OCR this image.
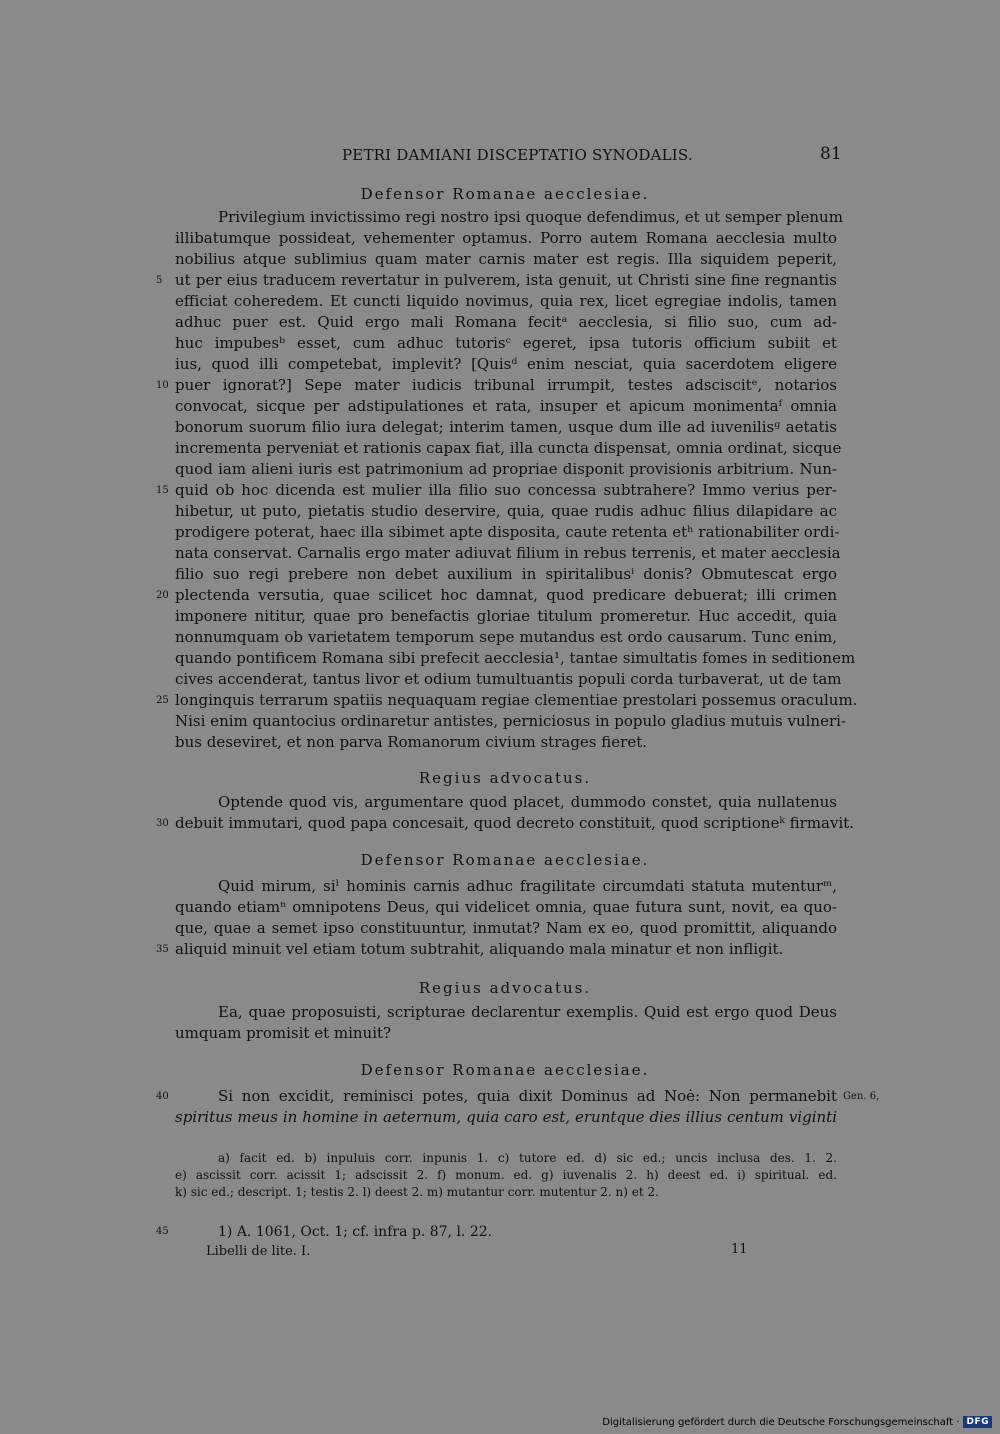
PETRI DAMIANI DISCEPTATIO SYNODALIS.	81
Defensor Romanae aecclesiae.
Privilegium invictissimo regi nostro ipsi quoque defendimus, et ut semper plenum
illibatumque possideat, vehementer optamus. Porro autem Romana aecclesia multo
nobilius atque sublimius quam mater carnis mater est regis. Illa siquidem peperit,
ut per eius traducem revertatur in pulverem, ista genuit, ut Christi sine fine regnantis
efficiat coheredem. Et cuncti liquido novimus, quia rex, licet egregiae indolis, tamen
adhuc puer est. Quid ergo mali Romana fecitᵃ aecclesia, si filio suo, cum ad-
huc impubesᵇ esset, cum adhuc tutorisᶜ egeret, ipsa tutoris officium subiit et
ius, quod illi competebat, implevit? [Quisᵈ enim nesciat, quia sacerdotem eligere
puer ignorat?] Sepe mater iudicis tribunal irrumpit, testes adsciscitᵉ, notarios
convocat, sicque per adstipulationes et rata, insuper et apicum monimentaᶠ omnia
bonorum suorum filio iura delegat; interim tamen, usque dum ille ad iuvenilisᵍ aetatis
incrementa perveniat et rationis capax fiat, illa cuncta dispensat, omnia ordinat, sicque
quod iam alieni iuris est patrimonium ad propriae disponit provisionis arbitrium. Nun-
quid ob hoc dicenda est mulier illa filio suo concessa subtrahere? Immo verius per-
hibetur, ut puto, pietatis studio deservire, quia, quae rudis adhuc filius dilapidare ac
prodigere poterat, haec illa sibimet apte disposita, caute retenta etʰ rationabiliter ordi-
nata conservat. Carnalis ergo mater adiuvat filium in rebus terrenis, et mater aecclesia
filio suo regi prebere non debet auxilium in spiritalibusⁱ donis? Obmutescat ergo
plectenda versutia, quae scilicet hoc damnat, quod predicare debuerat; illi crimen
imponere nititur, quae pro benefactis gloriae titulum promeretur. Huc accedit, quia
nonnumquam ob varietatem temporum sepe mutandus est ordo causarum. Tunc enim,
quando pontificem Romana sibi prefecit aecclesia¹, tantae simultatis fomes in seditionem
cives accenderat, tantus livor et odium tumultuantis populi corda turbaverat, ut de tam
longinquis terrarum spatiis nequaquam regiae clementiae prestolari possemus oraculum.
Nisi enim quantocius ordinaretur antistes, perniciosus in populo gladius mutuis vulneri-
bus deseviret, et non parva Romanorum civium strages fieret.
Regius advocatus.
Optende quod vis, argumentare quod placet, dummodo constet, quia nullatenus
debuit immutari, quod papa concesait, quod decreto constituit, quod scriptioneᵏ firmavit.
Defensor Romanae aecclesiae.
Quid mirum, siˡ hominis carnis adhuc fragilitate circumdati statuta mutenturᵐ,
quando etiamⁿ omnipotens Deus, qui videlicet omnia, quae futura sunt, novit, ea quo-
que, quae a semet ipso constituuntur, inmutat? Nam ex eo, quod promittit, aliquando
aliquid minuit vel etiam totum subtrahit, aliquando mala minatur et non infligit.
Regius advocatus.
Ea, quae proposuisti, scripturae declarentur exemplis. Quid est ergo quod Deus
umquam promisit et minuit?
Defensor Romanae aecclesiae.
Si non excidit, reminisci potes, quia dixit Dominus ad Noė: Non permanebit
spiritus meus in homine in aeternum, quia caro est, eruntque dies illius centum viginti
5
10
15
20
25
30
35
40
45
Gen. 6,
a) facit ed. b) inpuluis corr. inpunis 1. c) tutore ed. d) sic ed.; uncis inclusa des. 1. 2.
e) ascissit corr. acissit 1; adscissit 2. f) monum. ed. g) iuvenalis 2. h) deest ed. i) spiritual. ed.
k) sic ed.; descript. 1; testis 2. l) deest 2. m) mutantur corr. mutentur 2. n) et 2.
1) A. 1061, Oct. 1; cf. infra p. 87, l. 22.
Libelli de lite. I.	11
Digitalisierung gefördert durch die Deutsche Forschungsgemeinschaft · DFG
